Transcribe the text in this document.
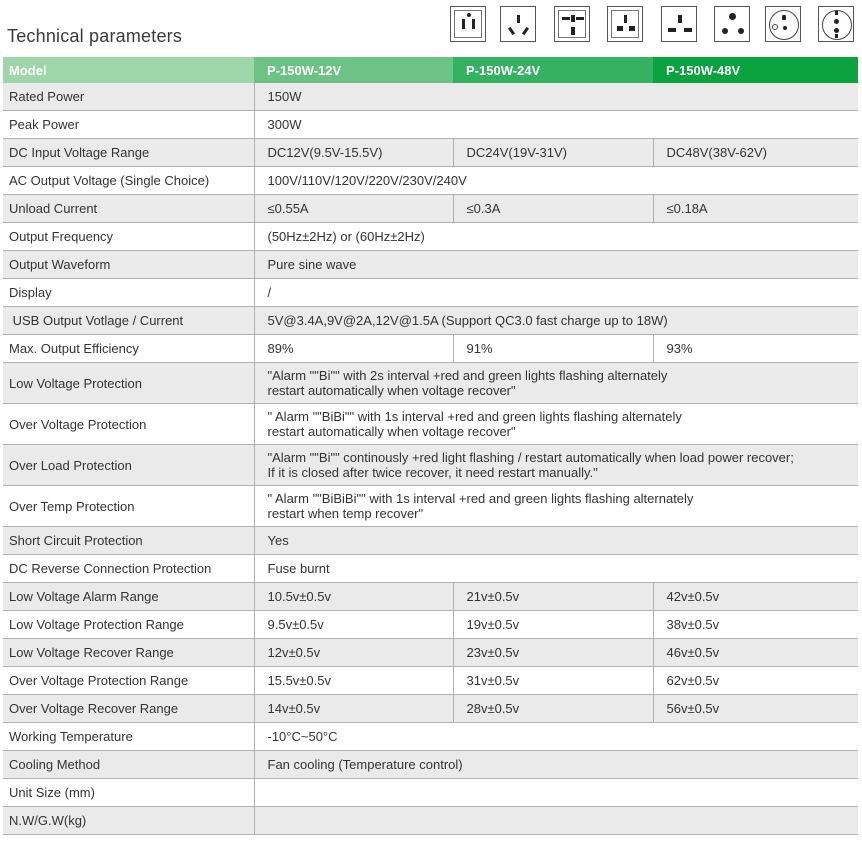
Technical parameters
Model	P-150W-12V	P-150W-24V	P-150W-48V
Rated Power	150W		
Peak Power	300W		
DC Input Voltage Range	DC12V(9.5V-15.5V)	DC24V(19V-31V)	DC48V(38V-62V)
AC Output Voltage (Single Choice)	100V/110V/120V/220V/230V/240V		
Unload Current	≤0.55A	≤0.3A	≤0.18A
Output Frequency	(50Hz±2Hz) or (60Hz±2Hz)		
Output Waveform	Pure sine wave		
Display	/		
USB Output Votlage / Current	5V@3.4A,9V@2A,12V@1.5A (Support QC3.0 fast charge up to 18W)		
Max. Output Efficiency	89%	91%	93%
Low Voltage Protection	"Alarm ""Bi"" with 2s interval +red and green lights flashing alternately
restart automatically when voltage recover"		
Over Voltage Protection	" Alarm ""BiBi"" with 1s interval +red and green lights flashing alternately
restart automatically when voltage recover"		
Over Load Protection	"Alarm ""Bi"" continously +red light flashing / restart automatically when load power recover;
If it is closed after twice recover, it need restart manually."		
Over Temp Protection	" Alarm ""BiBiBi"" with 1s interval +red and green lights flashing alternately
restart when temp recover"		
Short Circuit Protection	Yes		
DC Reverse Connection Protection	Fuse burnt		
Low Voltage Alarm Range	10.5v±0.5v	21v±0.5v	42v±0.5v
Low Voltage Protection Range	9.5v±0.5v	19v±0.5v	38v±0.5v
Low Voltage Recover Range	12v±0.5v	23v±0.5v	46v±0.5v
Over Voltage Protection Range	15.5v±0.5v	31v±0.5v	62v±0.5v
Over Voltage Recover Range	14v±0.5v	28v±0.5v	56v±0.5v
Working Temperature	-10°C~50°C		
Cooling Method	Fan cooling (Temperature control)		
Unit Size (mm)			
N.W/G.W(kg)			
